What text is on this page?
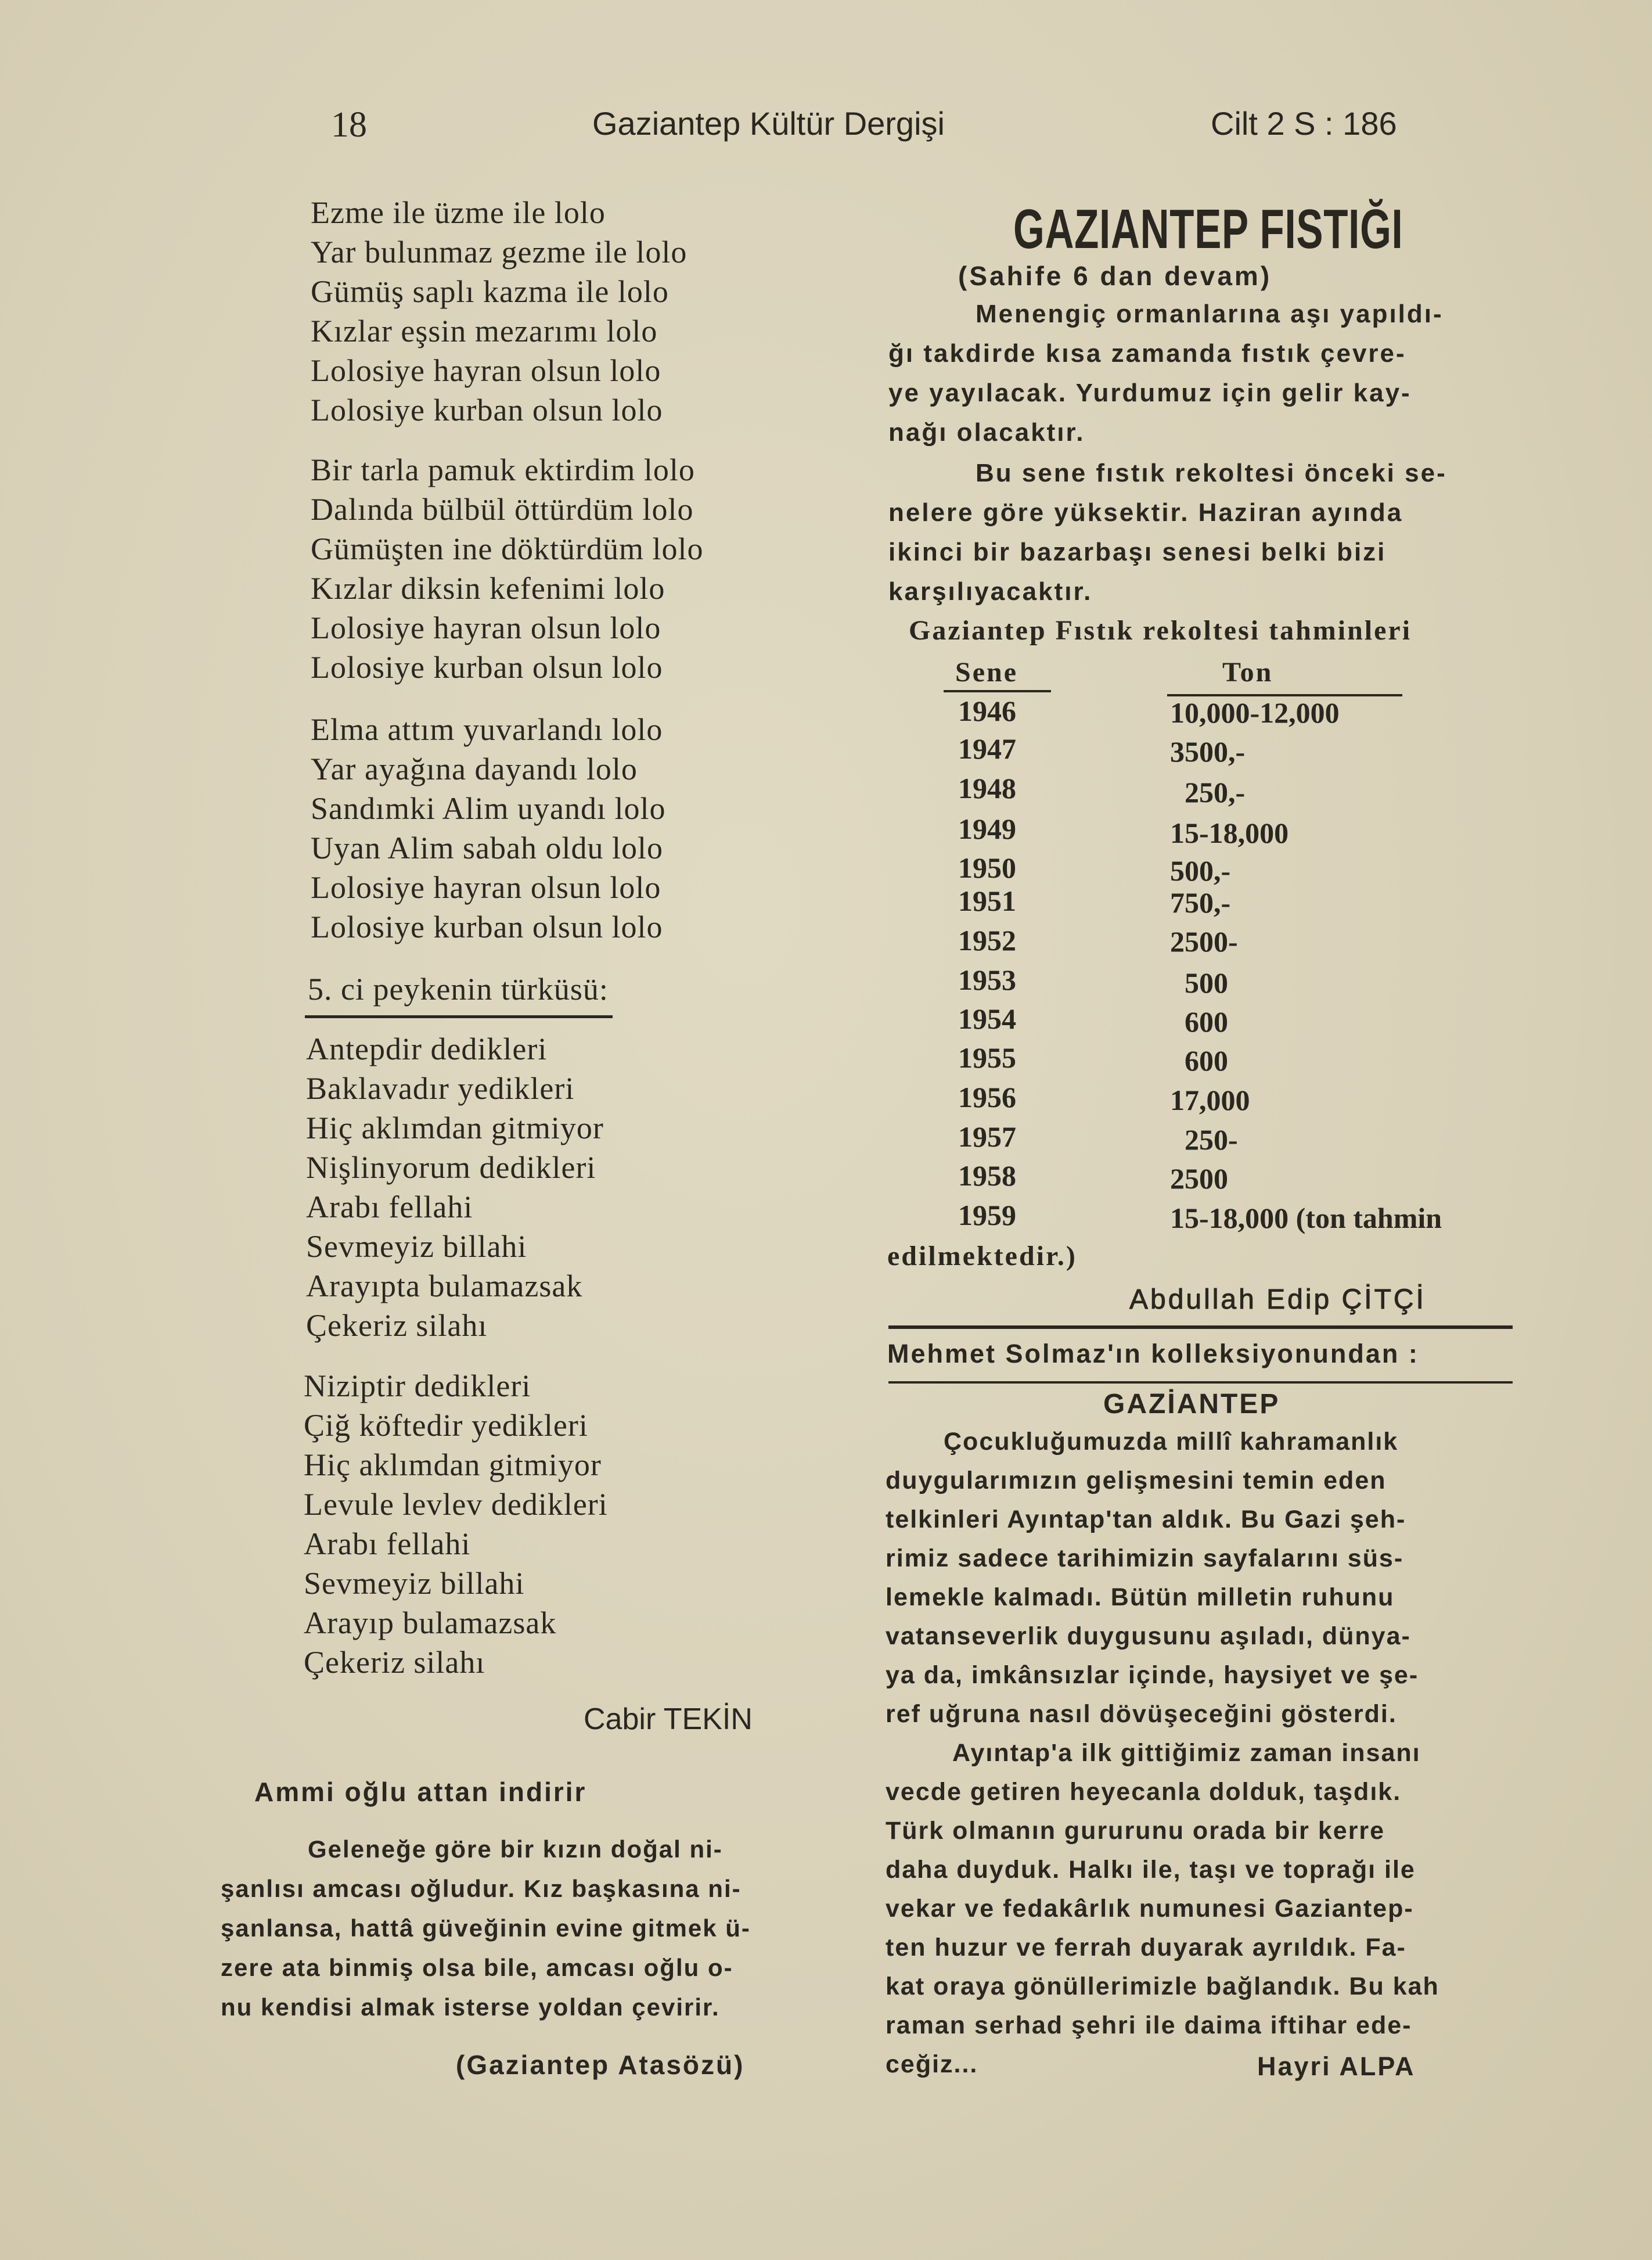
18	Gaziantep Kültür Dergişi	Cilt 2 S : 186
Ezme ile üzme ile lolo
Yar bulunmaz gezme ile lolo
Gümüş saplı kazma ile lolo
Kızlar eşsin mezarımı lolo
Lolosiye hayran olsun lolo
Lolosiye kurban olsun lolo
Bir tarla pamuk ektirdim lolo
Dalında bülbül öttürdüm lolo
Gümüşten ine döktürdüm lolo
Kızlar diksin kefenimi lolo
Lolosiye hayran olsun lolo
Lolosiye kurban olsun lolo
Elma attım yuvarlandı lolo
Yar ayağına dayandı lolo
Sandımki Alim uyandı lolo
Uyan Alim sabah oldu lolo
Lolosiye hayran olsun lolo
Lolosiye kurban olsun lolo
5. ci peykenin türküsü:
Antepdir dedikleri
Baklavadır yedikleri
Hiç aklımdan gitmiyor
Nişlinyorum dedikleri
Arabı fellahi
Sevmeyiz billahi
Arayıpta bulamazsak
Çekeriz silahı
Niziptir dedikleri
Çiğ köftedir yedikleri
Hiç aklımdan gitmiyor
Levule levlev dedikleri
Arabı fellahi
Sevmeyiz billahi
Arayıp bulamazsak
Çekeriz silahı
Cabir TEKİN
Ammi oğlu attan indirir
Geleneğe göre bir kızın doğal ni-
şanlısı amcası oğludur. Kız başkasına ni-
şanlansa, hattâ güveğinin evine gitmek ü-
zere ata binmiş olsa bile, amcası oğlu o-
nu kendisi almak isterse yoldan çevirir.
(Gaziantep Atasözü)
GAZIANTEP FISTIĞI
(Sahife 6 dan devam)
Menengiç ormanlarına aşı yapıldı-
ğı takdirde kısa zamanda fıstık çevre-
ye yayılacak. Yurdumuz için gelir kay-
nağı olacaktır.
Bu sene fıstık rekoltesi önceki se-
nelere göre yüksektir. Haziran ayında
ikinci bir bazarbaşı senesi belki bizi
karşılıyacaktır.
Gaziantep Fıstık rekoltesi tahminleri
Sene	Ton
1946	10,000-12,000
1947	3500,-
1948	250,-
1949	15-18,000
1950	500,-
1951	750,-
1952	2500-
1953	500
1954	600
1955	600
1956	17,000
1957	250-
1958	2500
1959	15-18,000 (ton tahmin
edilmektedir.)
Abdullah Edip ÇİTÇİ
Mehmet Solmaz'ın kolleksiyonundan :
GAZİANTEP
Çocukluğumuzda millî kahramanlık
duygularımızın gelişmesini temin eden
telkinleri Ayıntap'tan aldık. Bu Gazi şeh-
rimiz sadece tarihimizin sayfalarını süs-
lemekle kalmadı. Bütün milletin ruhunu
vatanseverlik duygusunu aşıladı, dünya-
ya da, imkânsızlar içinde, haysiyet ve şe-
ref uğruna nasıl dövüşeceğini gösterdi.
Ayıntap'a ilk gittiğimiz zaman insanı
vecde getiren heyecanla dolduk, taşdık.
Türk olmanın gururunu orada bir kerre
daha duyduk. Halkı ile, taşı ve toprağı ile
vekar ve fedakârlık numunesi Gaziantep-
ten huzur ve ferrah duyarak ayrıldık. Fa-
kat oraya gönüllerimizle bağlandık. Bu kah
raman serhad şehri ile daima iftihar ede-
ceğiz...	Hayri ALPA
